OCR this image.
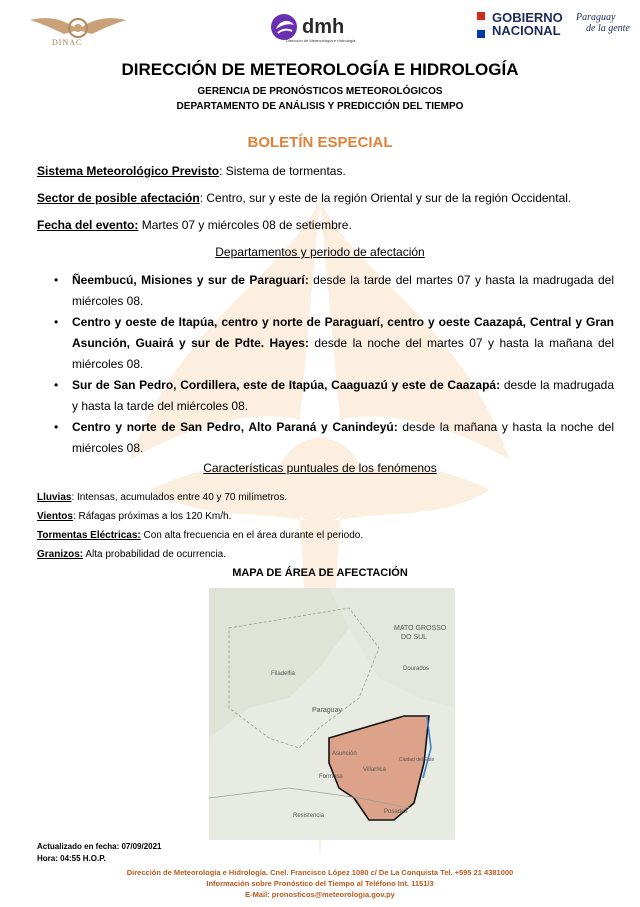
DINAC
dmh
Dirección de Meteorología e Hidrología
GOBIERNO
NACIONAL
Paraguay
de la gente
DIRECCIÓN DE METEOROLOGÍA E HIDROLOGÍA
GERENCIA DE PRONÓSTICOS METEOROLÓGICOS
DEPARTAMENTO DE ANÁLISIS Y PREDICCIÓN DEL TIEMPO
BOLETÍN ESPECIAL
Sistema Meteorológico Previsto: Sistema de tormentas.
Sector de posible afectación: Centro, sur y este de la región Oriental y sur de la región Occidental.
Fecha del evento: Martes 07 y miércoles 08 de setiembre.
Departamentos y periodo de afectación
• Ñeembucú, Misiones y sur de Paraguarí: desde la tarde del martes 07 y hasta la madrugada del miércoles 08.
• Centro y oeste de Itapúa, centro y norte de Paraguarí, centro y oeste Caazapá, Central y Gran Asunción, Guairá y sur de Pdte. Hayes: desde la noche del martes 07 y hasta la mañana del miércoles 08.
• Sur de San Pedro, Cordillera, este de Itapúa, Caaguazú y este de Caazapá: desde la madrugada y hasta la tarde del miércoles 08.
• Centro y norte de San Pedro, Alto Paraná y Canindeyú: desde la mañana y hasta la noche del miércoles 08.
Características puntuales de los fenómenos
Lluvias: Intensas, acumulados entre 40 y 70 milímetros.
Vientos: Ráfagas próximas a los 120 Km/h.
Tormentas Eléctricas: Con alta frecuencia en el área durante el periodo.
Granizos: Alta probabilidad de ocurrencia.
MAPA DE ÁREA DE AFECTACIÓN
MATO GROSSO
DO SUL
Dourados
Filadelfia
Paraguay
Asunción
Villarrica
Ciudad del Este
Formosa
Posadas
Resistencia
Actualizado en fecha: 07/09/2021
Hora: 04:55 H.O.P.
Dirección de Meteorología e Hidrología. Cnel. Francisco López 1080 c/ De La Conquista Tel. +595 21 4381000
Información sobre Pronóstico del Tiempo al Teléfono Int. 1151/3
E-Mail: pronosticos@meteorologia.gov.py
